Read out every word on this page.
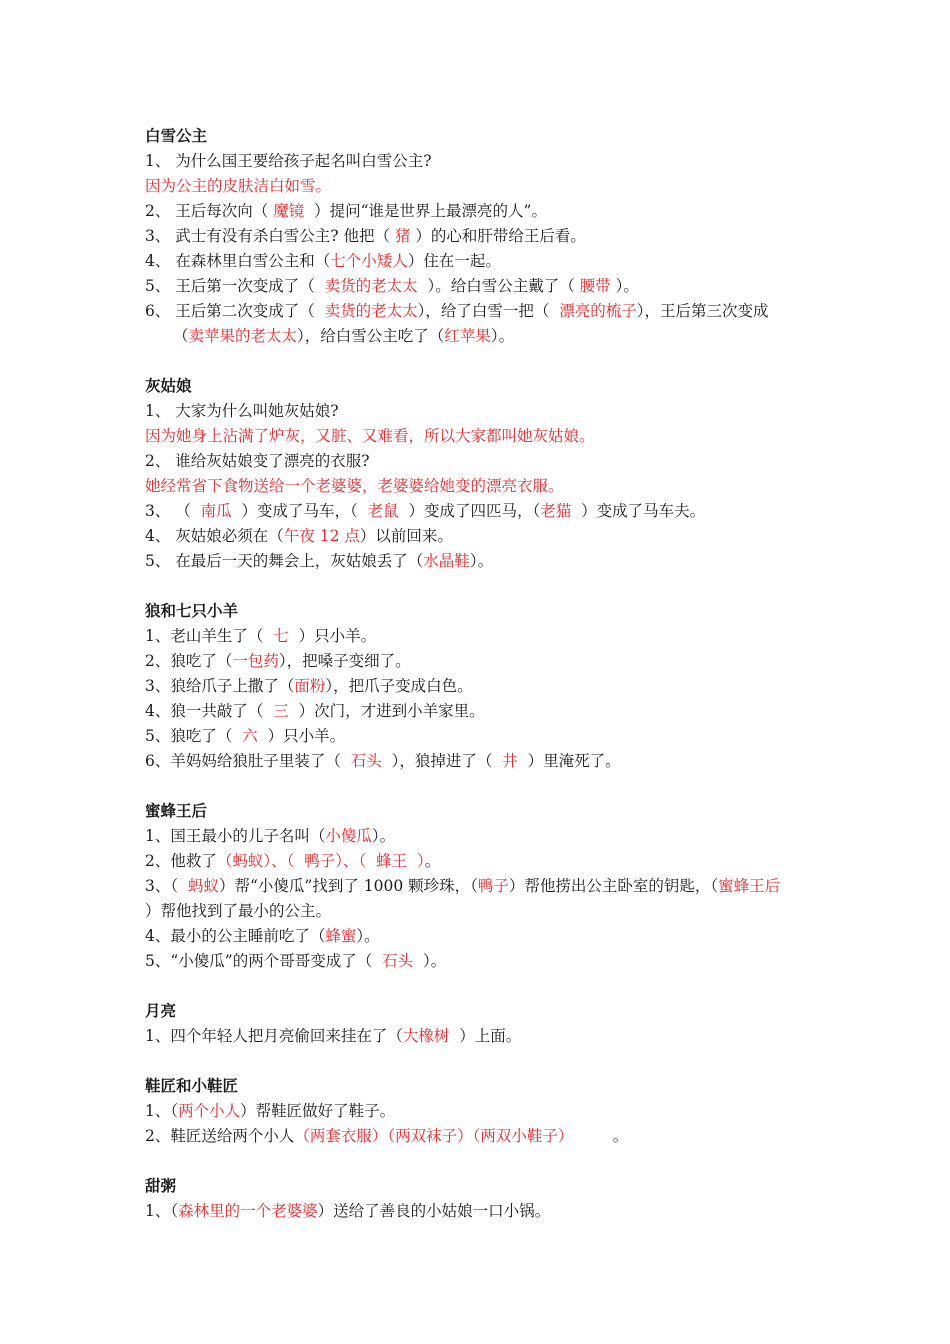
白雪公主
1、 为什么国王要给孩子起名叫白雪公主?
因为公主的皮肤洁白如雪。
2、 王后每次向（ 魔镜  ）提问“谁是世界上最漂亮的人”。
3、 武士有没有杀白雪公主? 他把（ 猪 ）的心和肝带给王后看。
4、 在森林里白雪公主和（七个小矮人）住在一起。
5、 王后第一次变成了（  卖货的老太太  ）。给白雪公主戴了（ 腰带 ）。
6、 王后第二次变成了（  卖货的老太太），给了白雪一把（  漂亮的梳子），王后第三次变成
（卖苹果的老太太），给白雪公主吃了（红苹果）。
灰姑娘
1、 大家为什么叫她灰姑娘?
因为她身上沾满了炉灰，又脏、又难看，所以大家都叫她灰姑娘。
2、 谁给灰姑娘变了漂亮的衣服?
她经常省下食物送给一个老婆婆，老婆婆给她变的漂亮衣服。
3、 （  南瓜  ）变成了马车，（  老鼠  ）变成了四匹马，（老猫  ）变成了马车夫。
4、 灰姑娘必须在（午夜 12 点）以前回来。
5、 在最后一天的舞会上，灰姑娘丢了（水晶鞋）。
狼和七只小羊
1、老山羊生了（  七  ）只小羊。
2、狼吃了（一包药），把嗓子变细了。
3、狼给爪子上撒了（面粉），把爪子变成白色。
4、狼一共敲了（  三  ）次门，才进到小羊家里。
5、狼吃了（  六  ）只小羊。
6、羊妈妈给狼肚子里装了（  石头  ），狼掉进了（  井  ）里淹死了。
蜜蜂王后
1、国王最小的儿子名叫（小傻瓜）。
2、他救了（蚂蚁）、（  鸭子）、（  蜂王  ）。
3、（  蚂蚁）帮“小傻瓜”找到了 1000 颗珍珠，（鸭子）帮他捞出公主卧室的钥匙，（蜜蜂王后
）帮他找到了最小的公主。
4、最小的公主睡前吃了（蜂蜜）。
5、“小傻瓜”的两个哥哥变成了（  石头  ）。
月亮
1、四个年轻人把月亮偷回来挂在了（大橡树  ）上面。
鞋匠和小鞋匠
1、（两个小人）帮鞋匠做好了鞋子。
2、鞋匠送给两个小人（两套衣服）（两双袜子）（两双小鞋子）        。
甜粥
1、（森林里的一个老婆婆）送给了善良的小姑娘一口小锅。
